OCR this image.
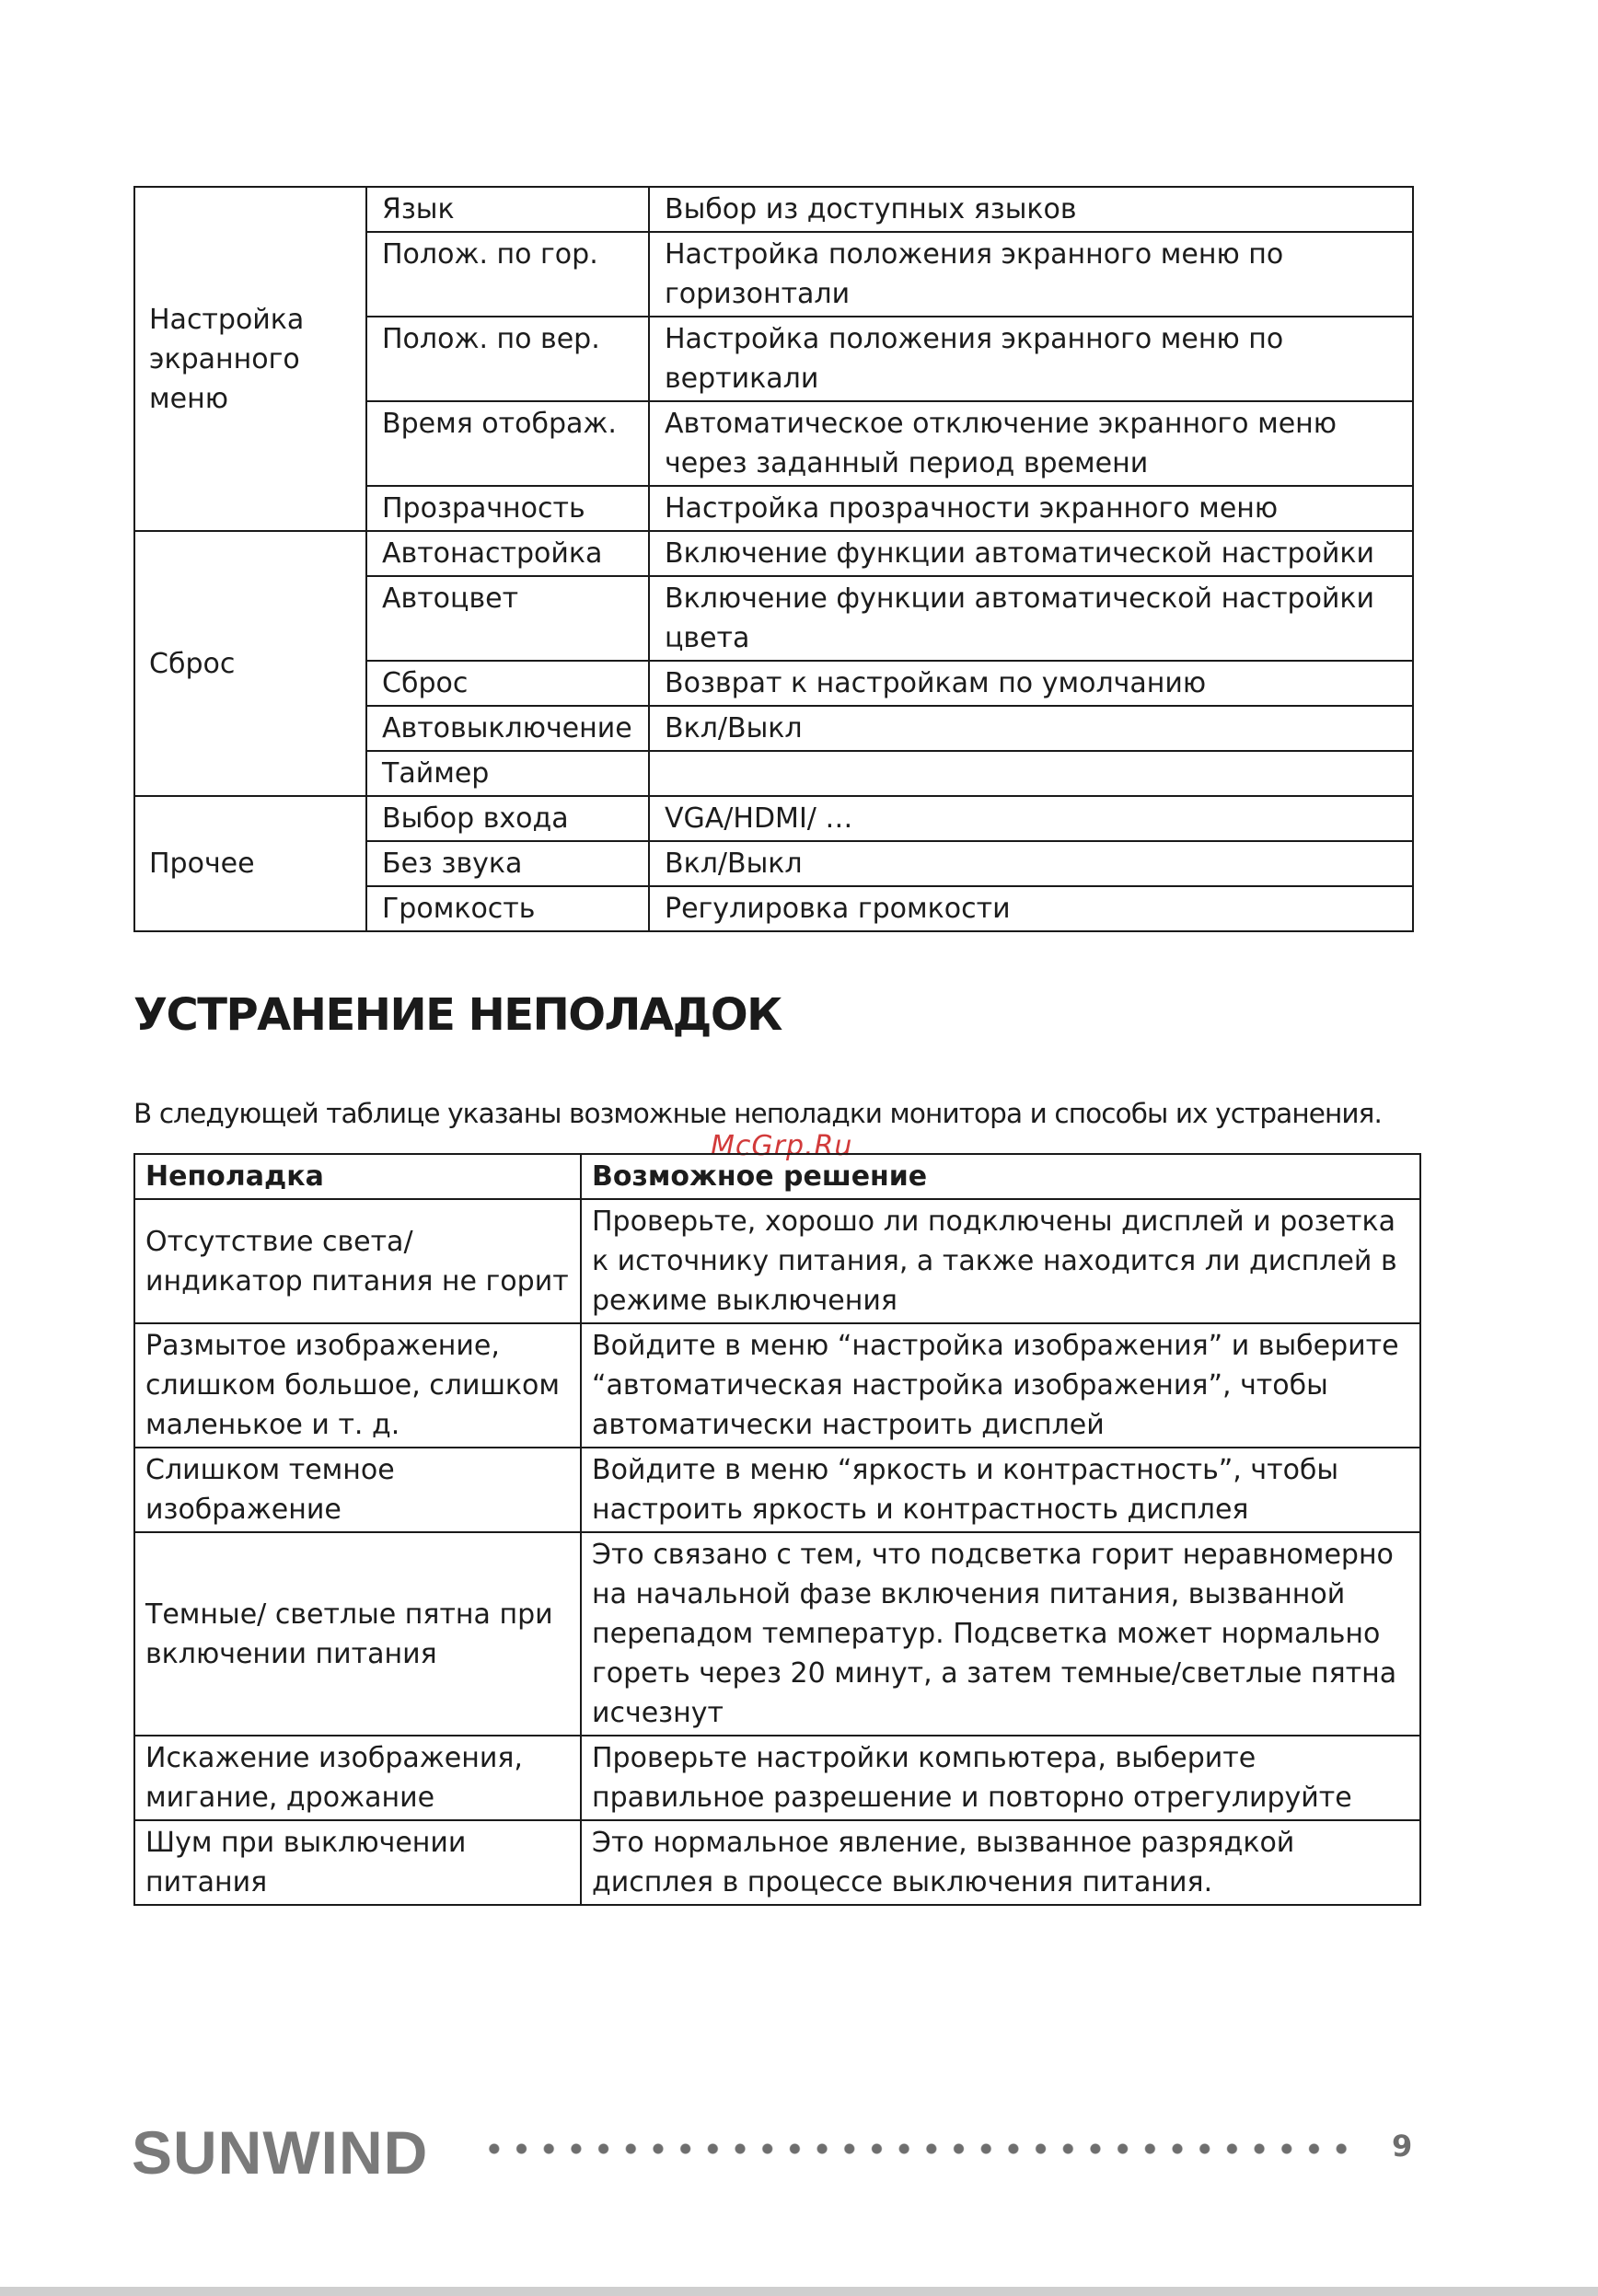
Настройка экранного меню	Язык	Выбор из доступных языков
	Полож. по гор.	Настройка положения экранного меню по горизонтали
	Полож. по вер.	Настройка положения экранного меню по вертикали
	Время отображ.	Автоматическое отключение экранного меню через заданный период времени
	Прозрачность	Настройка прозрачности экранного меню
Сброс	Автонастройка	Включение функции автоматической настройки
	Автоцвет	Включение функции автоматической настройки цвета
	Сброс	Возврат к настройкам по умолчанию
	Автовыключение	Вкл/Выкл
	Таймер	
Прочее	Выбор входа	VGA/HDMI/ …
	Без звука	Вкл/Выкл
	Громкость	Регулировка громкости
УСТРАНЕНИЕ НЕПОЛАДОК

В следующей таблице указаны возможные неполадки монитора и способы их устранения.

McGrp.Ru

Неполадка	Возможное решение
Отсутствие света/индикатор питания не горит	Проверьте, хорошо ли подключены дисплей и розетка к источнику питания, а также находится ли дисплей в режиме выключения
Размытое изображение, слишком большое, слишком маленькое и т. д.	Войдите в меню “настройка изображения” и выберите “автоматическая настройка изображения”, чтобы автоматически настроить дисплей
Слишком темное изображение	Войдите в меню “яркость и контрастность”, чтобы настроить яркость и контрастность дисплея
Темные/ светлые пятна при включении питания	Это связано с тем, что подсветка горит неравномерно на начальной фазе включения питания, вызванной перепадом температур. Подсветка может нормально гореть через 20 минут, а затем темные/светлые пятна исчезнут
Искажение изображения, мигание, дрожание	Проверьте настройки компьютера, выберите правильное разрешение и повторно отрегулируйте
Шум при выключении питания	Это нормальное явление, вызванное разрядкой дисплея в процессе выключения питания.

SUNWIND	9
